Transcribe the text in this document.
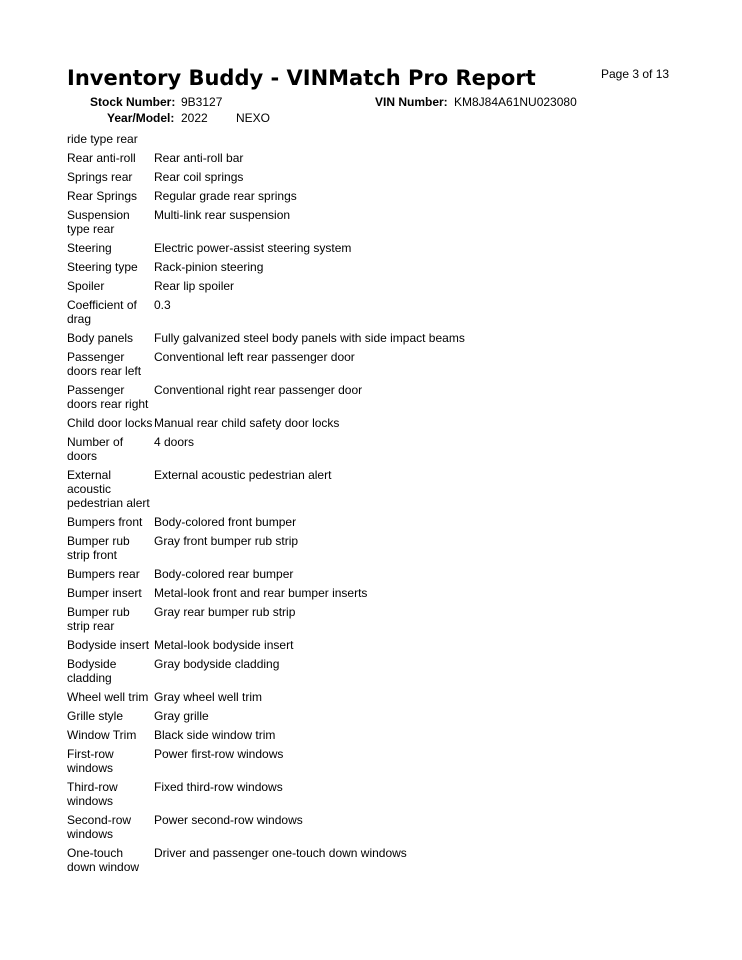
Inventory Buddy - VINMatch Pro Report	Page 3 of 13
Stock Number: 9B3127	VIN Number: KM8J84A61NU023080
Year/Model: 2022 NEXO
ride type rear	
Rear anti-roll	Rear anti-roll bar
Springs rear	Rear coil springs
Rear Springs	Regular grade rear springs
Suspension type rear	Multi-link rear suspension
Steering	Electric power-assist steering system
Steering type	Rack-pinion steering
Spoiler	Rear lip spoiler
Coefficient of drag	0.3
Body panels	Fully galvanized steel body panels with side impact beams
Passenger doors rear left	Conventional left rear passenger door
Passenger doors rear right	Conventional right rear passenger door
Child door locks	Manual rear child safety door locks
Number of doors	4 doors
External acoustic pedestrian alert	External acoustic pedestrian alert
Bumpers front	Body-colored front bumper
Bumper rub strip front	Gray front bumper rub strip
Bumpers rear	Body-colored rear bumper
Bumper insert	Metal-look front and rear bumper inserts
Bumper rub strip rear	Gray rear bumper rub strip
Bodyside insert	Metal-look bodyside insert
Bodyside cladding	Gray bodyside cladding
Wheel well trim	Gray wheel well trim
Grille style	Gray grille
Window Trim	Black side window trim
First-row windows	Power first-row windows
Third-row windows	Fixed third-row windows
Second-row windows	Power second-row windows
One-touch down window	Driver and passenger one-touch down windows
